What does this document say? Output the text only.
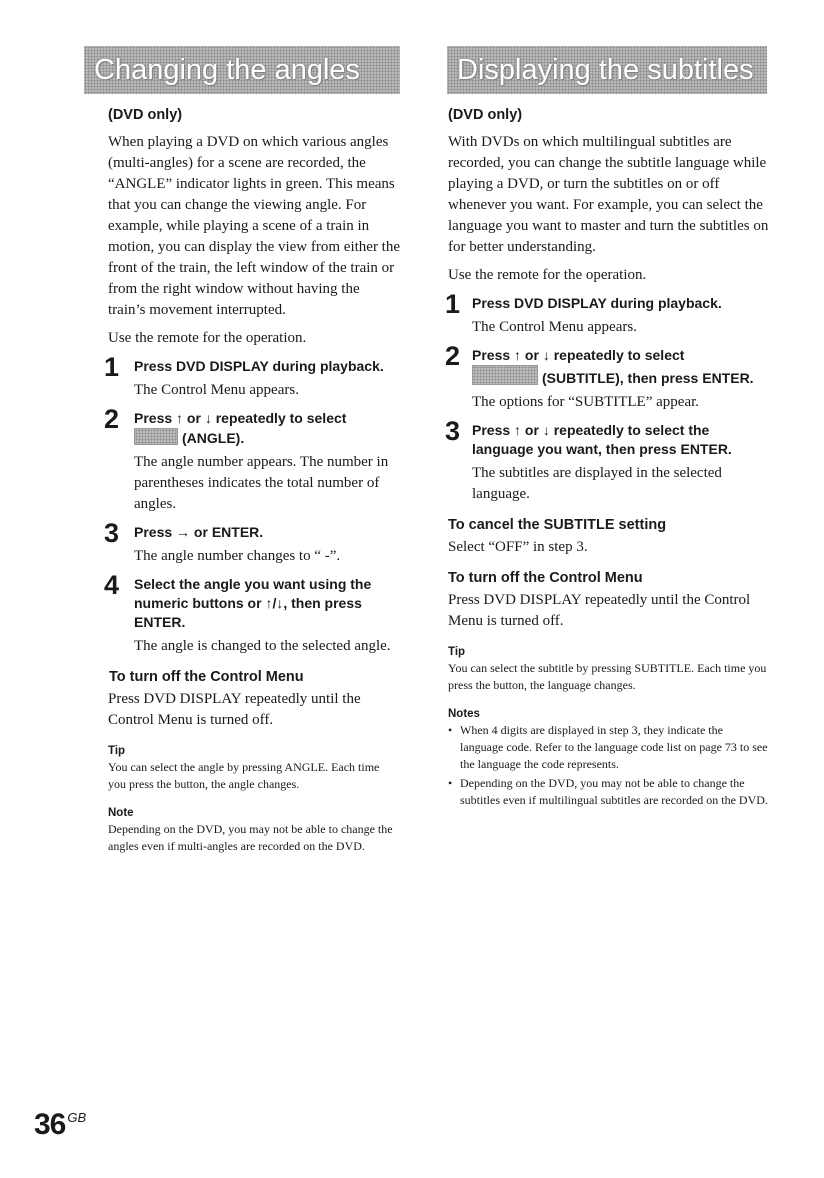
Changing the angles
(DVD only)

When playing a DVD on which various angles (multi-angles) for a scene are recorded, the “ANGLE” indicator lights in green. This means that you can change the viewing angle. For example, while playing a scene of a train in motion, you can display the view from either the front of the train, the left window of the train or from the right window without having the train’s movement interrupted.

Use the remote for the operation.

1 Press DVD DISPLAY during playback.

The Control Menu appears.

2 Press ↑ or ↓ repeatedly to select
(ANGLE).

The angle number appears. The number in parentheses indicates the total number of angles.

3 Press → or ENTER.

The angle number changes to “ -”.

4 Select the angle you want using the numeric buttons or ↑/↓, then press ENTER.

The angle is changed to the selected angle.

To turn off the Control Menu

Press DVD DISPLAY repeatedly until the Control Menu is turned off.

Tip

You can select the angle by pressing ANGLE. Each time you press the button, the angle changes.

Note

Depending on the DVD, you may not be able to change the angles even if multi-angles are recorded on the DVD.

Displaying the subtitles
(DVD only)

With DVDs on which multilingual subtitles are recorded, you can change the subtitle language while playing a DVD, or turn the subtitles on or off whenever you want. For example, you can select the language you want to master and turn the subtitles on for better understanding.

Use the remote for the operation.

1 Press DVD DISPLAY during playback.

The Control Menu appears.

2 Press ↑ or ↓ repeatedly to select
(SUBTITLE), then press ENTER.

The options for “SUBTITLE” appear.

3 Press ↑ or ↓ repeatedly to select the language you want, then press ENTER.

The subtitles are displayed in the selected language.

To cancel the SUBTITLE setting

Select “OFF” in step 3.

To turn off the Control Menu

Press DVD DISPLAY repeatedly until the Control Menu is turned off.

Tip

You can select the subtitle by pressing SUBTITLE. Each time you press the button, the language changes.

Notes
• When 4 digits are displayed in step 3, they indicate the language code. Refer to the language code list on page 73 to see the language the code represents.
• Depending on the DVD, you may not be able to change the subtitles even if multilingual subtitles are recorded on the DVD.
36 $^{GB}$
